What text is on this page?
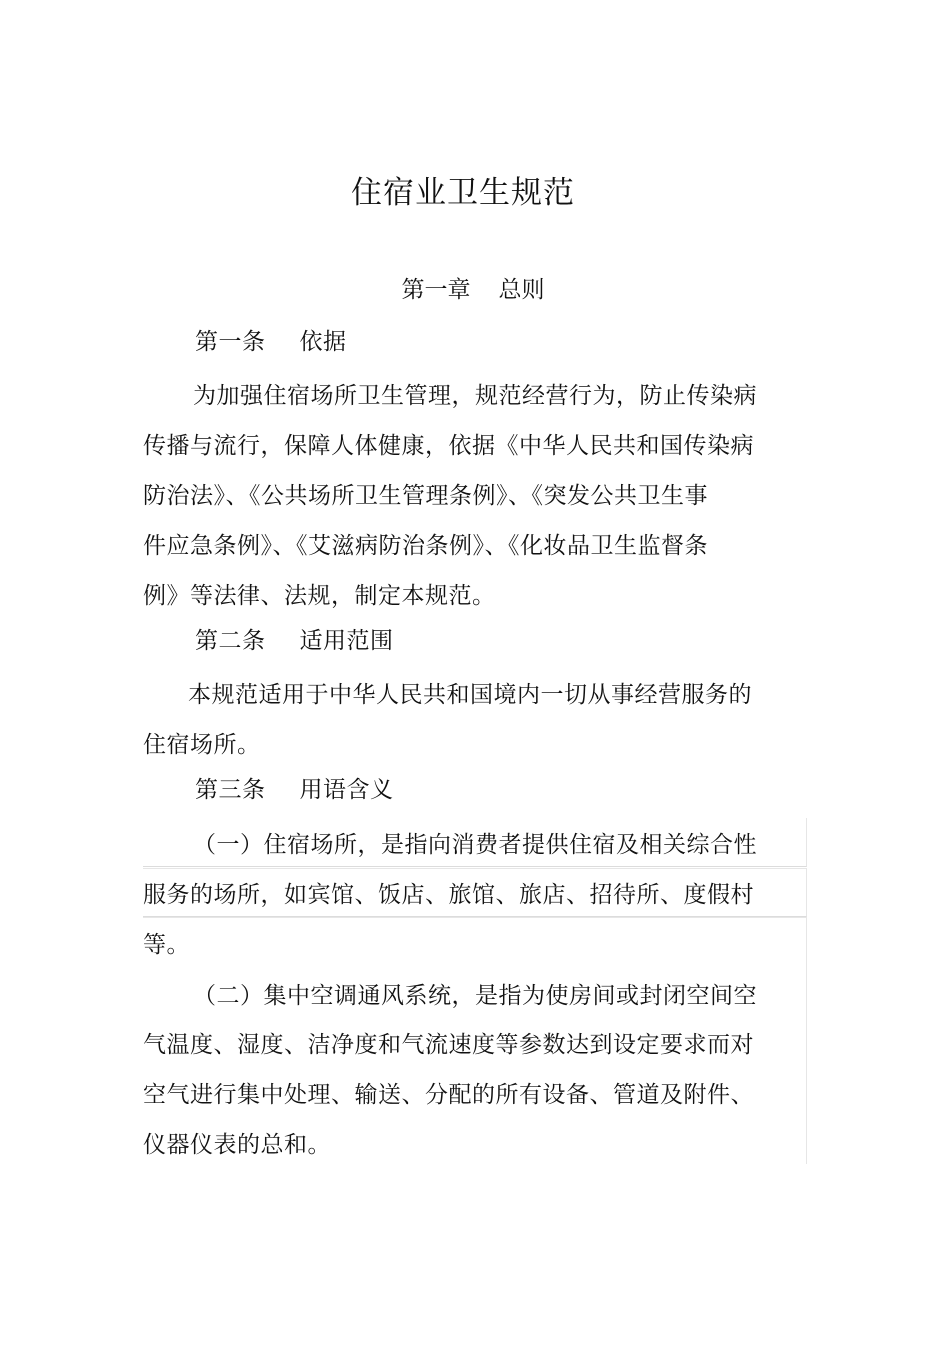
住宿业卫生规范
第一章 总则
第一条 依据
为加强住宿场所卫生管理，规范经营行为，防止传染病
传播与流行，保障人体健康，依据《中华人民共和国传染病
防治法》、《公共场所卫生管理条例》、《突发公共卫生事
件应急条例》、《艾滋病防治条例》、《化妆品卫生监督条
例》等法律、法规，制定本规范。
第二条 适用范围
本规范适用于中华人民共和国境内一切从事经营服务的
住宿场所。
第三条 用语含义
（一）住宿场所，是指向消费者提供住宿及相关综合性
服务的场所，如宾馆、饭店、旅馆、旅店、招待所、度假村
等。
（二）集中空调通风系统，是指为使房间或封闭空间空
气温度、湿度、洁净度和气流速度等参数达到设定要求而对
空气进行集中处理、输送、分配的所有设备、管道及附件、
仪器仪表的总和。
